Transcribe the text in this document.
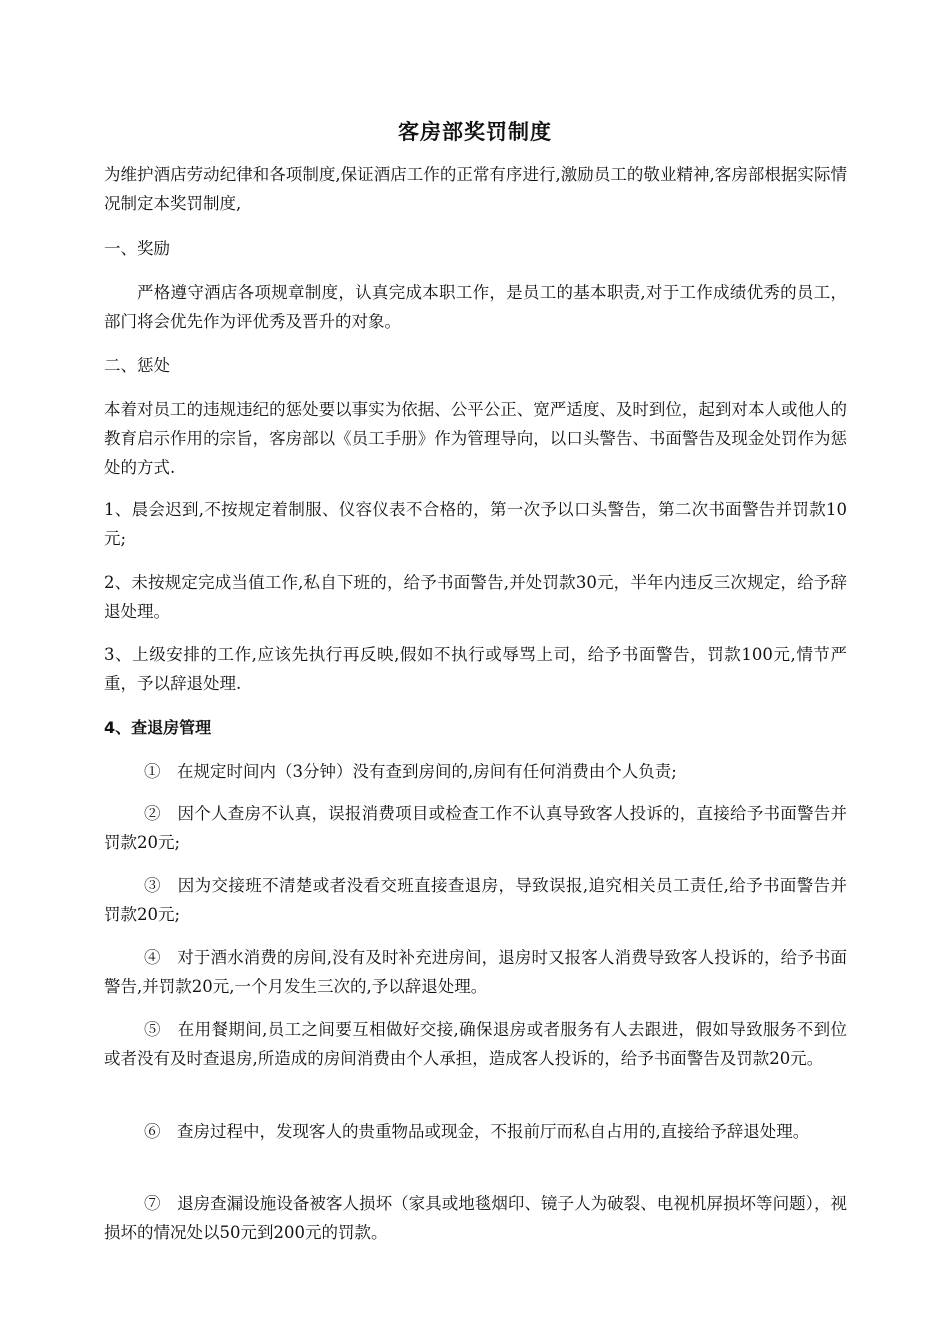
客房部奖罚制度
为维护酒店劳动纪律和各项制度,保证酒店工作的正常有序进行,激励员工的敬业精神,客房部根据实际情况制定本奖罚制度,
一、奖励
严格遵守酒店各项规章制度，认真完成本职工作，是员工的基本职责,对于工作成绩优秀的员工，部门将会优先作为评优秀及晋升的对象。
二、惩处
本着对员工的违规违纪的惩处要以事实为依据、公平公正、宽严适度、及时到位，起到对本人或他人的教育启示作用的宗旨，客房部以《员工手册》作为管理导向，以口头警告、书面警告及现金处罚作为惩处的方式.
1、晨会迟到,不按规定着制服、仪容仪表不合格的，第一次予以口头警告，第二次书面警告并罚款10元;
2、未按规定完成当值工作,私自下班的，给予书面警告,并处罚款30元，半年内违反三次规定，给予辞退处理。
3、上级安排的工作,应该先执行再反映,假如不执行或辱骂上司，给予书面警告，罚款100元,情节严重，予以辞退处理.
4、查退房管理
①　在规定时间内（3分钟）没有查到房间的,房间有任何消费由个人负责;
②　因个人查房不认真，误报消费项目或检查工作不认真导致客人投诉的，直接给予书面警告并罚款20元;
③　因为交接班不清楚或者没看交班直接查退房，导致误报,追究相关员工责任,给予书面警告并罚款20元;
④　对于酒水消费的房间,没有及时补充进房间，退房时又报客人消费导致客人投诉的，给予书面警告,并罚款20元,一个月发生三次的,予以辞退处理。
⑤　在用餐期间,员工之间要互相做好交接,确保退房或者服务有人去跟进，假如导致服务不到位或者没有及时查退房,所造成的房间消费由个人承担，造成客人投诉的，给予书面警告及罚款20元。
⑥　查房过程中，发现客人的贵重物品或现金，不报前厅而私自占用的,直接给予辞退处理。
⑦　退房查漏设施设备被客人损坏（家具或地毯烟印、镜子人为破裂、电视机屏损坏等问题），视损坏的情况处以50元到200元的罚款。
